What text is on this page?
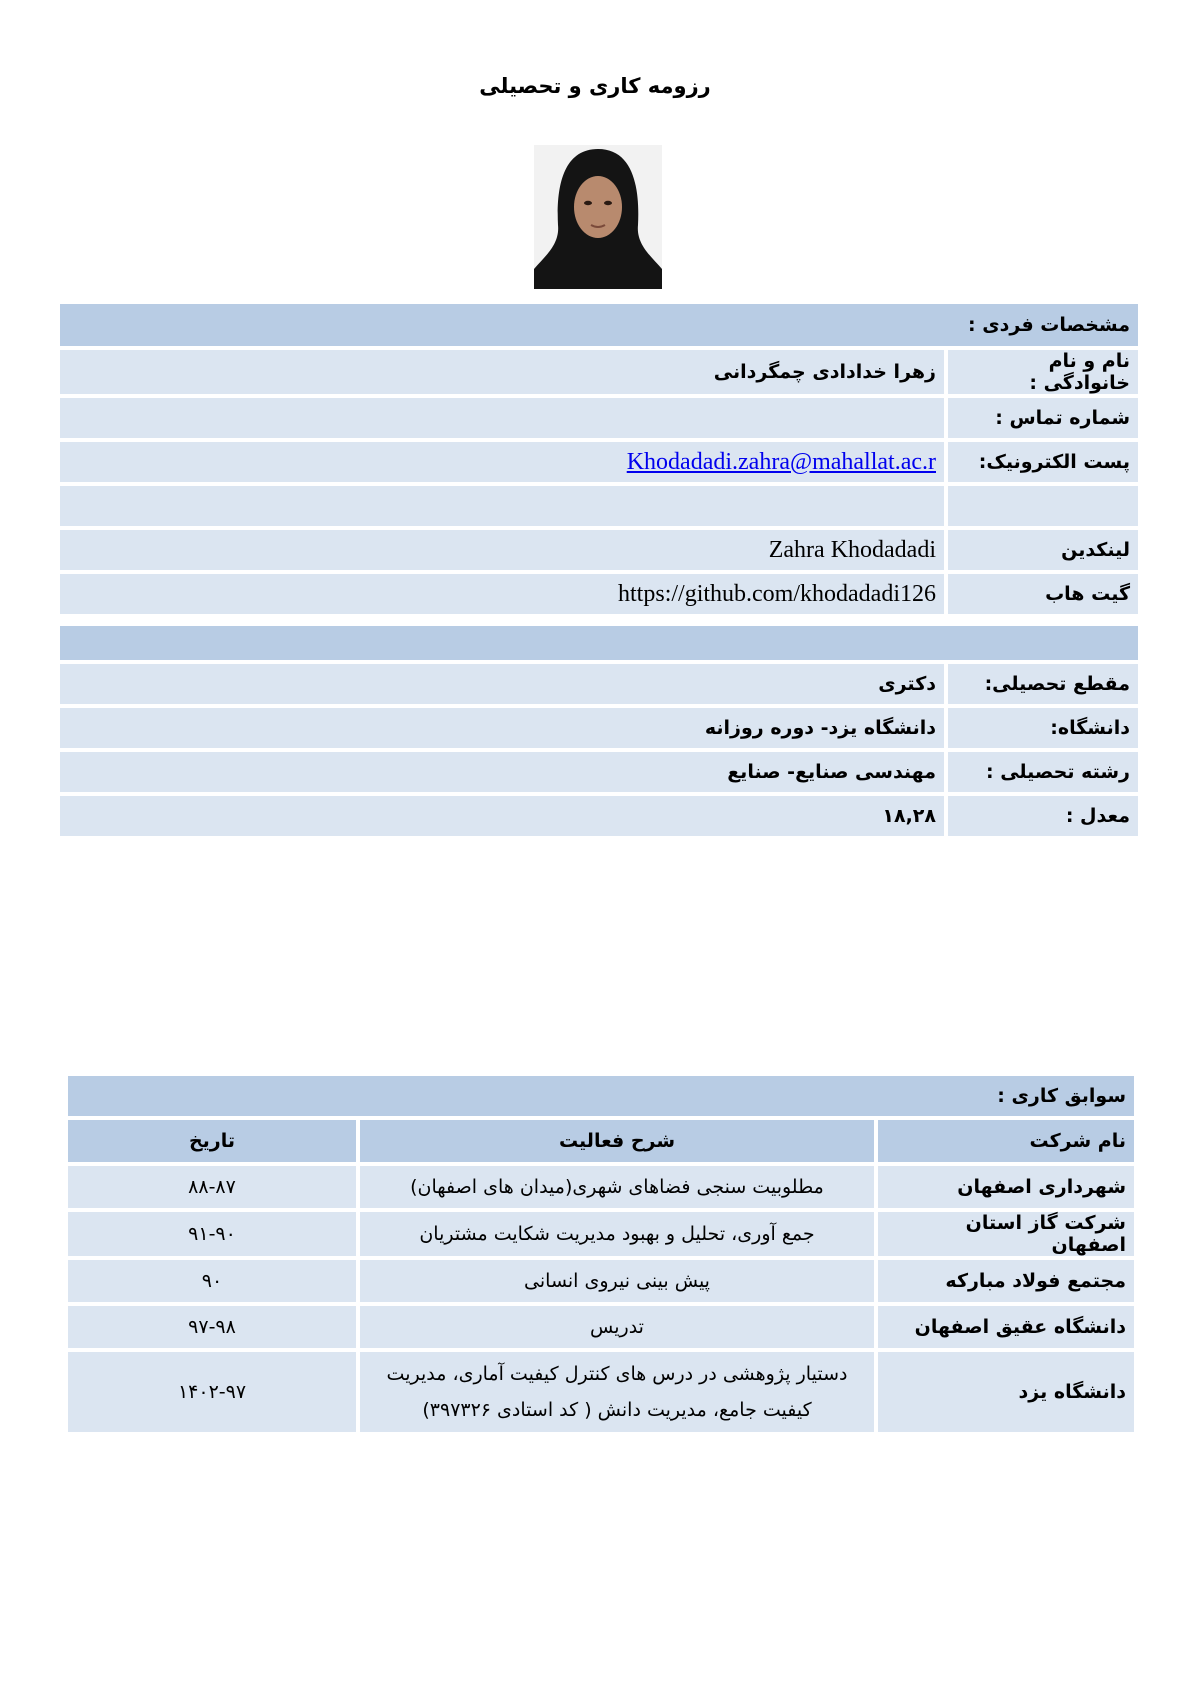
رزومه کاری و تحصیلی
مشخصات فردی :	
نام و نام خانوادگی :	زهرا خدادادی چمگردانی
شماره تماس :	
پست الکترونیک:	Khodadadi.zahra@mahallat.ac.r

لینکدین	Zahra Khodadadi
گیت هاب	https://github.com/khodadadi126

مقطع تحصیلی:	دکتری
دانشگاه:	دانشگاه یزد- دوره روزانه
رشته تحصیلی :	مهندسی صنایع- صنایع
معدل :	۱۸,۲۸
سوابق کاری :		
نام شرکت	شرح فعالیت	تاریخ
شهرداری اصفهان	مطلوبیت سنجی فضاهای شهری(میدان های اصفهان)	۸۸-۸۷
شرکت گاز استان اصفهان	جمع آوری، تحلیل و بهبود مدیریت شکایت مشتریان	۹۱-۹۰
مجتمع فولاد مبارکه	پیش بینی نیروی انسانی	۹۰
دانشگاه عقیق اصفهان	تدریس	۹۷-۹۸
دانشگاه یزد	دستیار پژوهشی در درس های کنترل کیفیت آماری، مدیریت کیفیت جامع، مدیریت دانش ( کد استادی ۳۹۷۳۲۶)	۱۴۰۲-۹۷
